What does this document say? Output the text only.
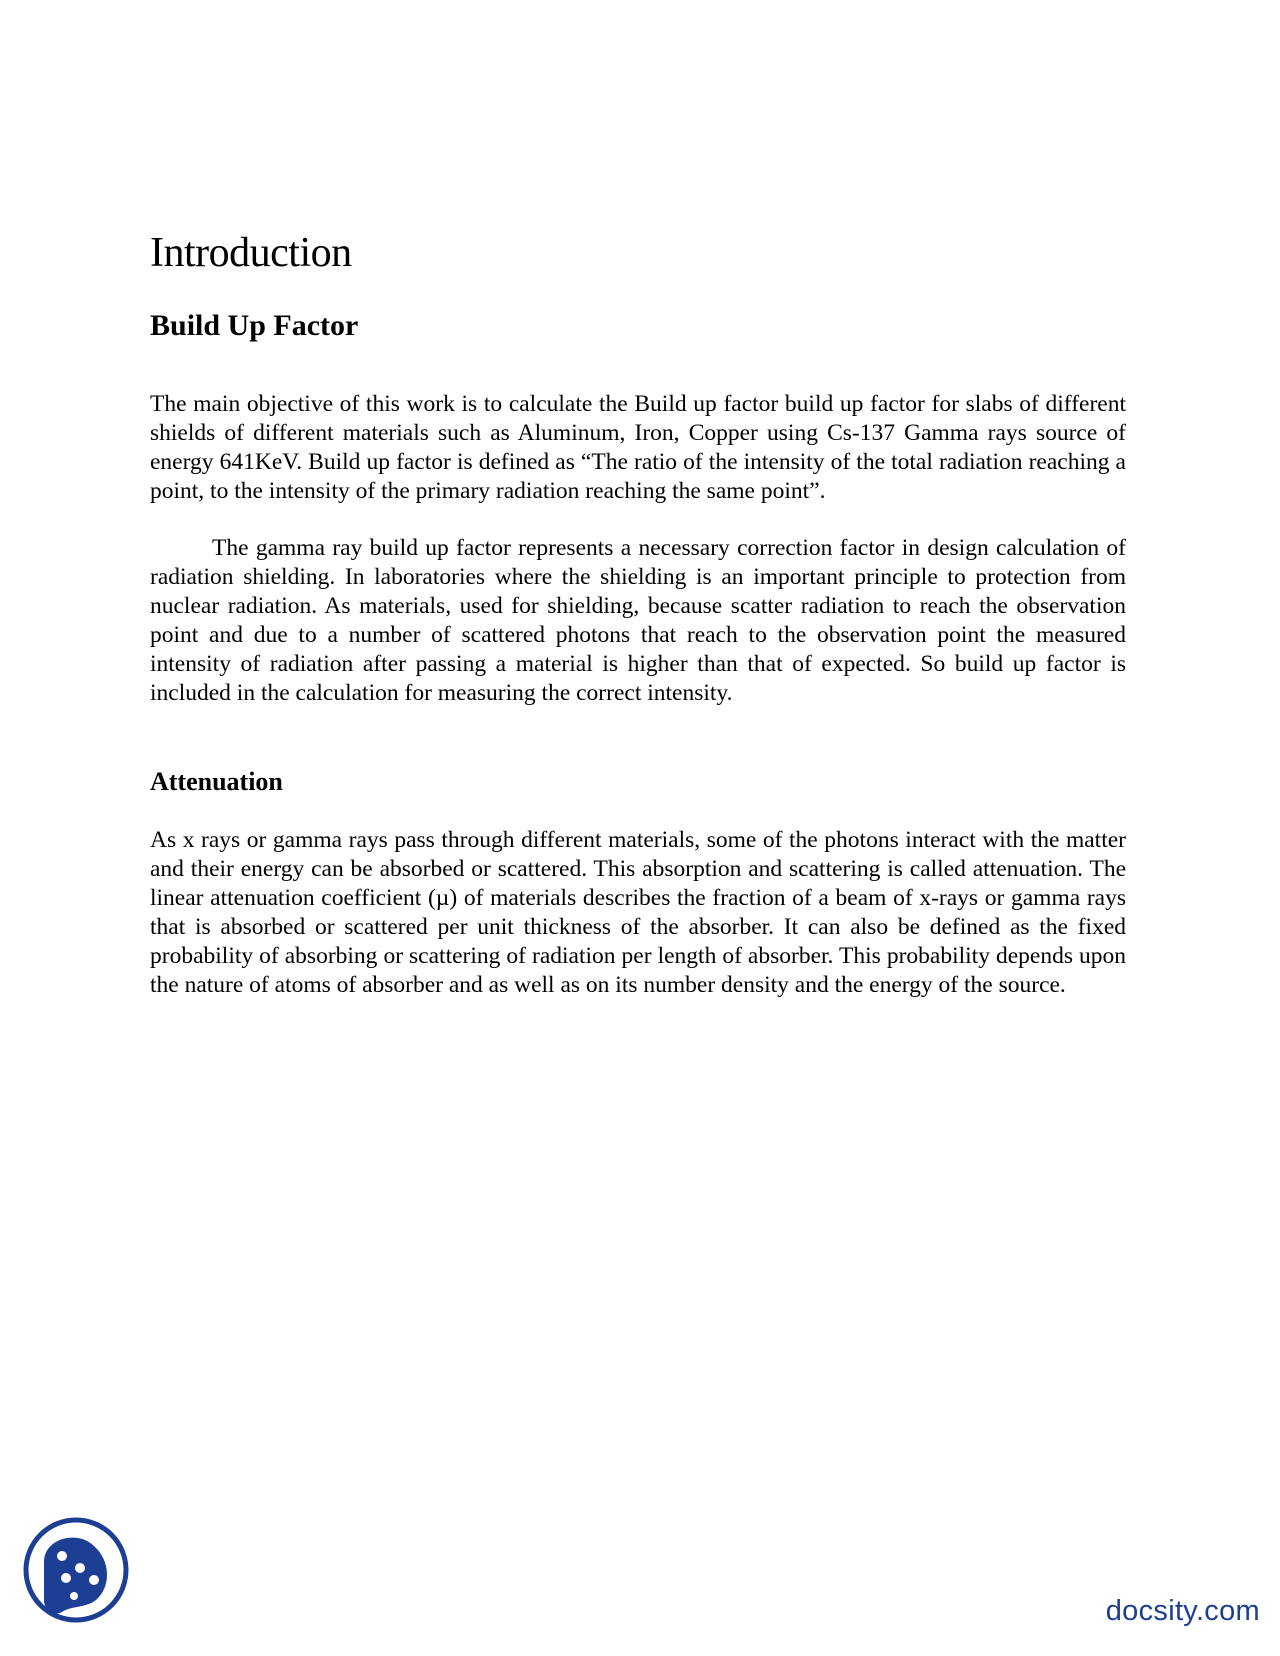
Introduction
Build Up Factor

The main objective of this work is to calculate the Build up factor build up factor for slabs of different shields of different materials such as Aluminum, Iron, Copper using Cs-137 Gamma rays source of energy 641KeV. Build up factor is defined as “The ratio of the intensity of the total radiation reaching a point, to the intensity of the primary radiation reaching the same point”.

The gamma ray build up factor represents a necessary correction factor in design calculation of radiation shielding. In laboratories where the shielding is an important principle to protection from nuclear radiation. As materials, used for shielding, because scatter radiation to reach the observation point and due to a number of scattered photons that reach to the observation point the measured intensity of radiation after passing a material is higher than that of expected. So build up factor is included in the calculation for measuring the correct intensity.

Attenuation

As x rays or gamma rays pass through different materials, some of the photons interact with the matter and their energy can be absorbed or scattered. This absorption and scattering is called attenuation. The linear attenuation coefficient (µ) of materials describes the fraction of a beam of x-rays or gamma rays that is absorbed or scattered per unit thickness of the absorber. It can also be defined as the fixed probability of absorbing or scattering of radiation per length of absorber. This probability depends upon the nature of atoms of absorber and as well as on its number density and the energy of the source.

docsity.com
